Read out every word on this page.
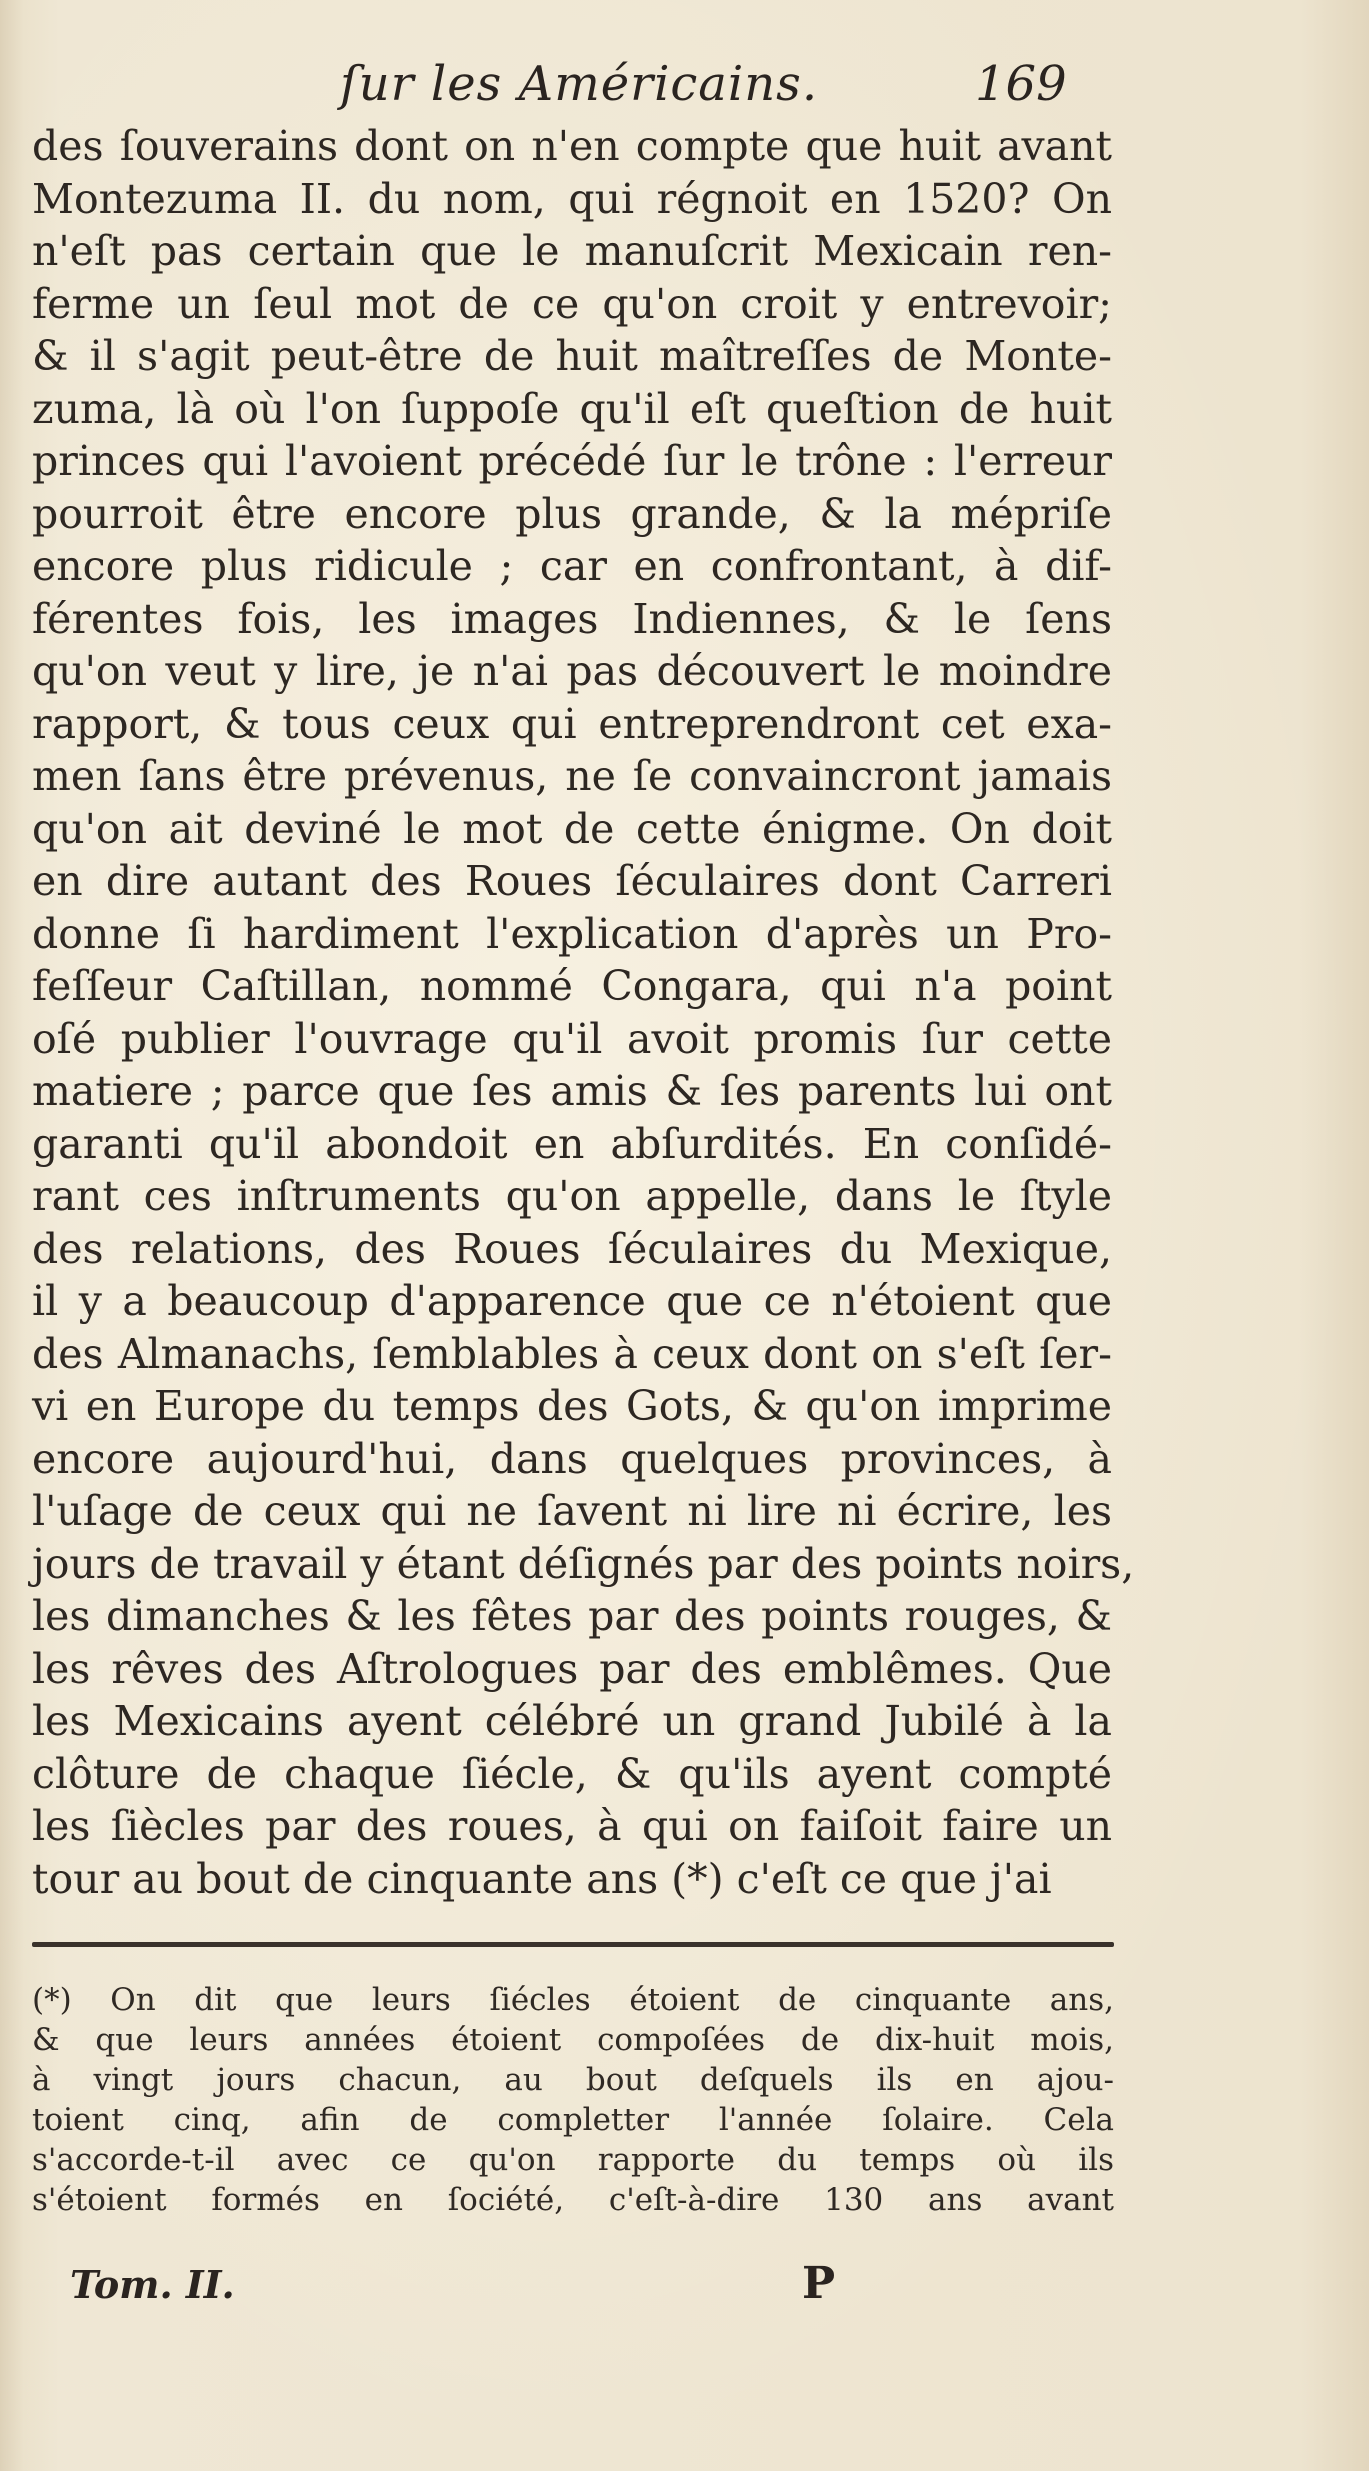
ſur les Américains.	169
des ſouverains dont on n'en compte que huit avant
Montezuma II. du nom, qui régnoit en 1520? On
n'eſt pas certain que le manuſcrit Mexicain ren-
ferme un ſeul mot de ce qu'on croit y entrevoir;
& il s'agit peut-être de huit maîtreſſes de Monte-
zuma, là où l'on ſuppoſe qu'il eſt queſtion de huit
princes qui l'avoient précédé ſur le trône : l'erreur
pourroit être encore plus grande, & la mépriſe
encore plus ridicule ; car en confrontant, à dif-
férentes fois, les images Indiennes, & le ſens
qu'on veut y lire, je n'ai pas découvert le moindre
rapport, & tous ceux qui entreprendront cet exa-
men ſans être prévenus, ne ſe convaincront jamais
qu'on ait deviné le mot de cette énigme. On doit
en dire autant des Roues ſéculaires dont Carreri
donne ſi hardiment l'explication d'après un Pro-
feſſeur Caſtillan, nommé Congara, qui n'a point
oſé publier l'ouvrage qu'il avoit promis ſur cette
matiere ; parce que ſes amis & ſes parents lui ont
garanti qu'il abondoit en abſurdités. En conſidé-
rant ces inſtruments qu'on appelle, dans le ſtyle
des relations, des Roues ſéculaires du Mexique,
il y a beaucoup d'apparence que ce n'étoient que
des Almanachs, ſemblables à ceux dont on s'eſt ſer-
vi en Europe du temps des Gots, & qu'on imprime
encore aujourd'hui, dans quelques provinces, à
l'uſage de ceux qui ne ſavent ni lire ni écrire, les
jours de travail y étant déſignés par des points noirs,
les dimanches & les fêtes par des points rouges, &
les rêves des Aſtrologues par des emblêmes. Que
les Mexicains ayent célébré un grand Jubilé à la
clôture de chaque ſiécle, & qu'ils ayent compté
les ſiècles par des roues, à qui on faiſoit faire un
tour au bout de cinquante ans (*) c'eſt ce que j'ai
(*) On dit que leurs ſiécles étoient de cinquante ans,
& que leurs années étoient compoſées de dix-huit mois,
à vingt jours chacun, au bout deſquels ils en ajou-
toient cinq, afin de completter l'année ſolaire. Cela
s'accorde-t-il avec ce qu'on rapporte du temps où ils
s'étoient formés en ſociété, c'eſt-à-dire 130 ans avant
Tom. II.	P
